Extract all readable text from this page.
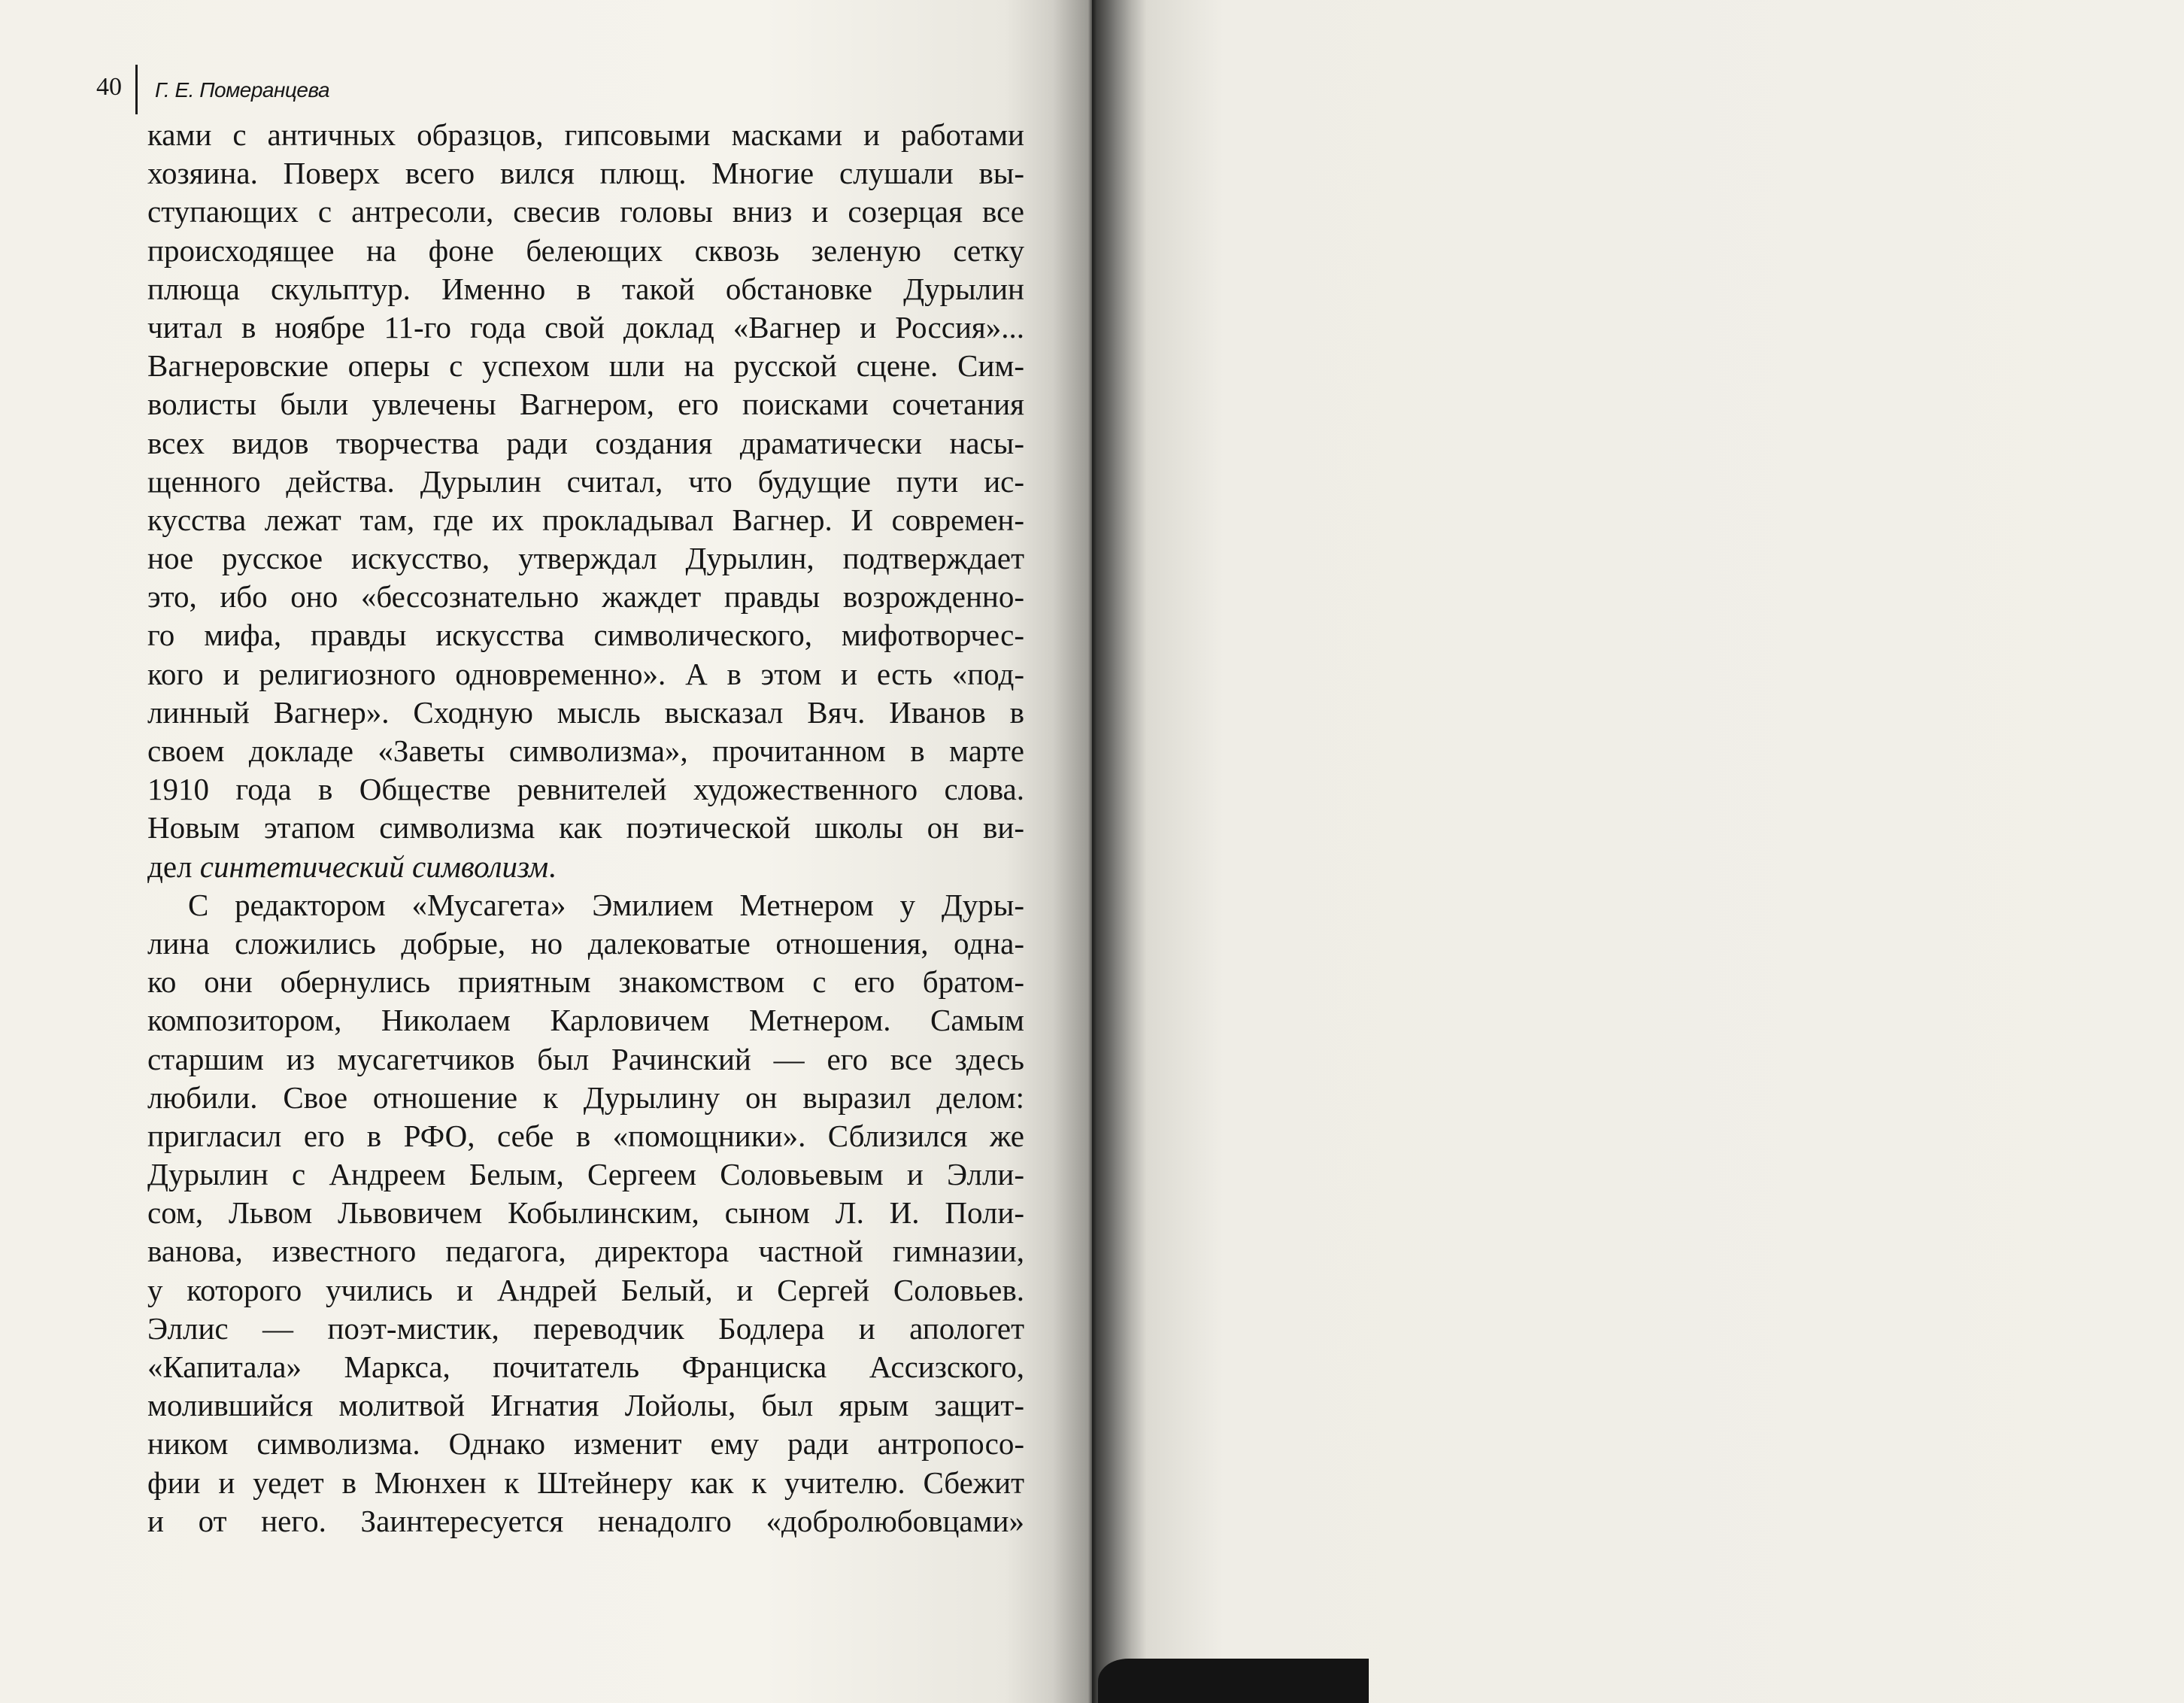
40 Г. Е. Померанцева
ками с античных образцов, гипсовыми масками и работами
хозяина. Поверх всего вился плющ. Многие слушали вы-
ступающих с антресоли, свесив головы вниз и созерцая все
происходящее на фоне белеющих сквозь зеленую сетку
плюща скульптур. Именно в такой обстановке Дурылин
читал в ноябре 11-го года свой доклад «Вагнер и Россия»...
Вагнеровские оперы с успехом шли на русской сцене. Сим-
волисты были увлечены Вагнером, его поисками сочетания
всех видов творчества ради создания драматически насы-
щенного действа. Дурылин считал, что будущие пути ис-
кусства лежат там, где их прокладывал Вагнер. И современ-
ное русское искусство, утверждал Дурылин, подтверждает
это, ибо оно «бессознательно жаждет правды возрожденно-
го мифа, правды искусства символического, мифотворчес-
кого и религиозного одновременно». А в этом и есть «под-
линный Вагнер». Сходную мысль высказал Вяч. Иванов в
своем докладе «Заветы символизма», прочитанном в марте
1910 года в Обществе ревнителей художественного слова.
Новым этапом символизма как поэтической школы он ви-
дел синтетический символизм.
С редактором «Мусагета» Эмилием Метнером у Дуры-
лина сложились добрые, но далековатые отношения, одна-
ко они обернулись приятным знакомством с его братом-
композитором, Николаем Карловичем Метнером. Самым
старшим из мусагетчиков был Рачинский — его все здесь
любили. Свое отношение к Дурылину он выразил делом:
пригласил его в РФО, себе в «помощники». Сблизился же
Дурылин с Андреем Белым, Сергеем Соловьевым и Элли-
сом, Львом Львовичем Кобылинским, сыном Л. И. Поли-
ванова, известного педагога, директора частной гимназии,
у которого учились и Андрей Белый, и Сергей Соловьев.
Эллис — поэт-мистик, переводчик Бодлера и апологет
«Капитала» Маркса, почитатель Франциска Ассизского,
молившийся молитвой Игнатия Лойолы, был ярым защит-
ником символизма. Однако изменит ему ради антропосо-
фии и уедет в Мюнхен к Штейнеру как к учителю. Сбежит
и от него. Заинтересуется ненадолго «добролюбовцами»
